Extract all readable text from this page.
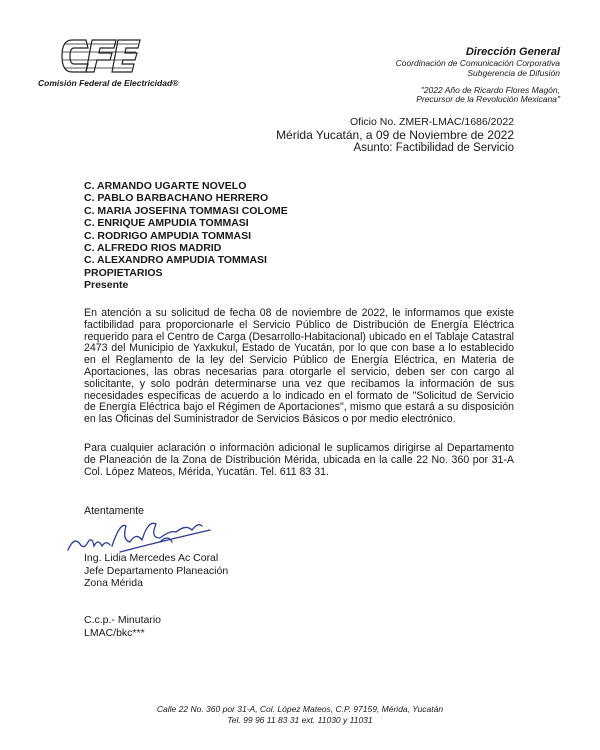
Comisión Federal de Electricidad®
Dirección General
Coordinación de Comunicación Corporativa
Subgerencia de Difusión
"2022 Año de Ricardo Flores Magón,
Precursor de la Revolución Mexicana"
Oficio No. ZMER-LMAC/1686/2022
Mérida Yucatán, a 09 de Noviembre de 2022
Asunto: Factibilidad de Servicio
C. ARMANDO UGARTE NOVELO
C. PABLO BARBACHANO HERRERO
C. MARIA JOSEFINA TOMMASI COLOME
C. ENRIQUE AMPUDIA TOMMASI
C. RODRIGO AMPUDIA TOMMASI
C. ALFREDO RIOS MADRID
C. ALEXANDRO AMPUDIA TOMMASI
PROPIETARIOS
Presente
En atención a su solicitud de fecha 08 de noviembre de 2022, le informamos que existe factibilidad para proporcionarle el Servicio Público de Distribución de Energía Eléctrica requerido para el Centro de Carga (Desarrollo-Habitacional) ubicado en el Tablaje Catastral 2473 del Municipio de Yaxkukul, Estado de Yucatán, por lo que con base a lo establecido en el Reglamento de la ley del Servicio Público de Energía Eléctrica, en Materia de Aportaciones, las obras necesarias para otorgarle el servicio, deben ser con cargo al solicitante, y solo podrán determinarse una vez que recibamos la información de sus necesidades específicas de acuerdo a lo indicado en el formato de "Solicitud de Servicio de Energía Eléctrica bajo el Régimen de Aportaciones", mismo que estará a su disposición en las Oficinas del Suministrador de Servicios Básicos o por medio electrónico.
Para cualquier aclaración o información adicional le suplicamos dirigirse al Departamento de Planeación de la Zona de Distribución Mérida, ubicada en la calle 22 No. 360 por 31-A Col. López Mateos, Mérida, Yucatán. Tel. 611 83 31.
Atentamente
Ing. Lidia Mercedes Ac Coral
Jefe Departamento Planeación
Zona Mérida
C.c.p.- Minutario
LMAC/bkc***
Calle 22 No. 360 por 31-A, Col. López Mateos, C.P. 97159, Mérida, Yucatán
Tel. 99 96 11 83 31 ext. 11030 y 11031
